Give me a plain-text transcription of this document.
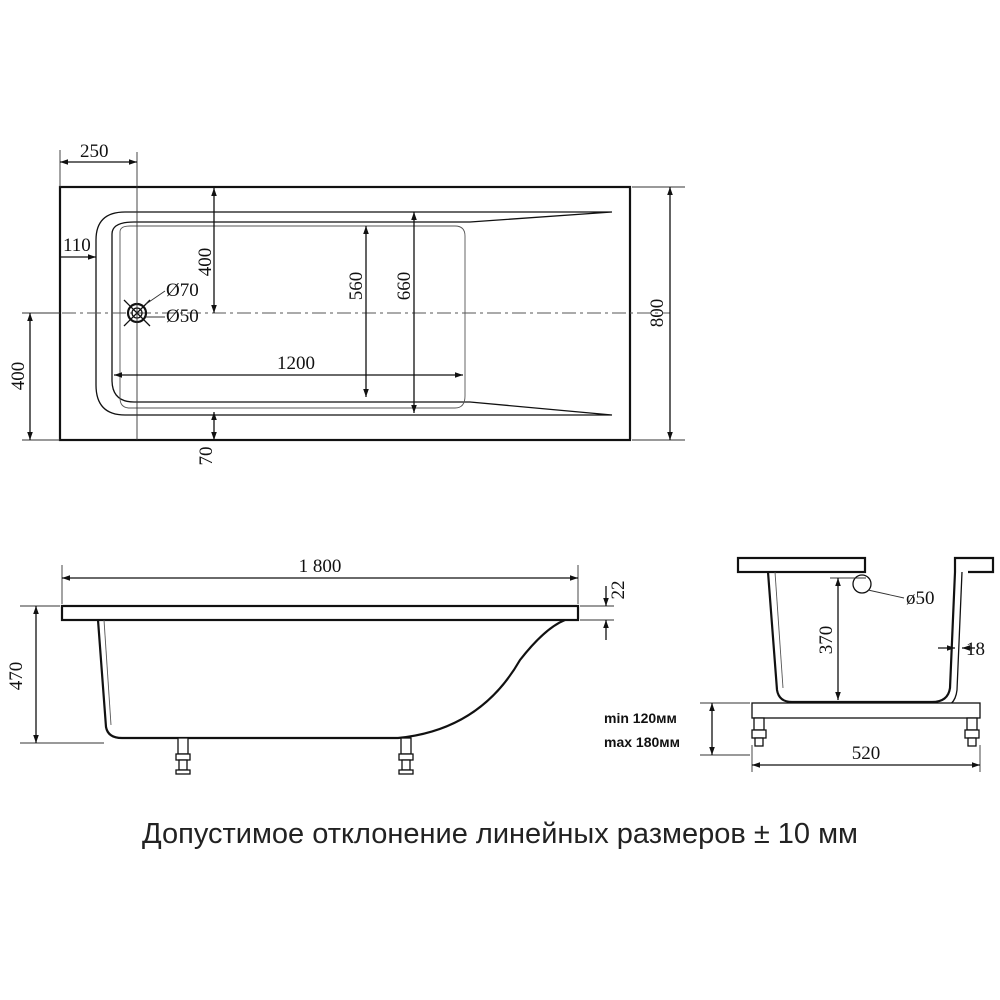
Ø70
Ø50
250
110
400
70
560 660
1200
800
400
1 800
22
470
ø50
370	18
520
min 120мм
max 180мм
Допустимое отклонение линейных размеров ± 10 мм
